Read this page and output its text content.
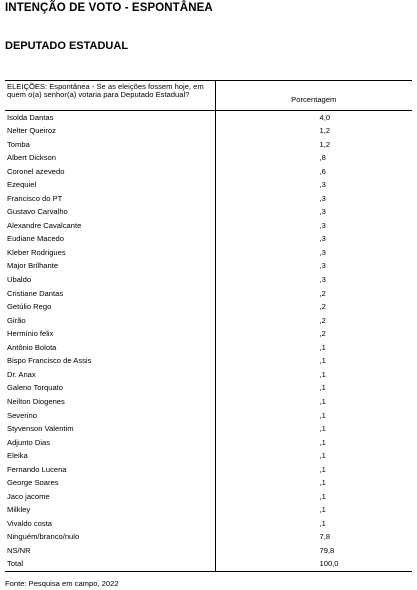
INTENÇÃO DE VOTO - ESPONTÂNEA
DEPUTADO ESTADUAL
ELEIÇÕES: Espontânea - Se as eleições fossem hoje, em quem o(a) senhor(a) votaria para Deputado Estadual?	Porcentagem
Isolda Dantas	4,0
Nelter Queiroz	1,2
Tomba	1,2
Albert Dickson	,8
Coronel azevedo	,6
Ezequiel	,3
Francisco do PT	,3
Gustavo Carvalho	,3
Alexandre Cavalcante	,3
Eudiane Macedo	,3
Kleber Rodrigues	,3
Major Brilhante	,3
Ubaldo	,3
Cristiane Dantas	,2
Getúlio Rego	,2
Girão	,2
Hermínio felix	,2
Antônio Bolota	,1
Bispo Francisco de Assis	,1
Dr. Anax	,1
Galeno Torquato	,1
Neilton Diogenes	,1
Severino	,1
Styvenson Valentim	,1
Adjunto Dias	,1
Eleika	,1
Fernando Lucena	,1
George Soares	,1
Jaco jacome	,1
Milkley	,1
Vivaldo costa	,1
Ninguém/branco/nulo	7,8
NS/NR	79,8
Total	100,0

Fonte: Pesquisa em campo, 2022
